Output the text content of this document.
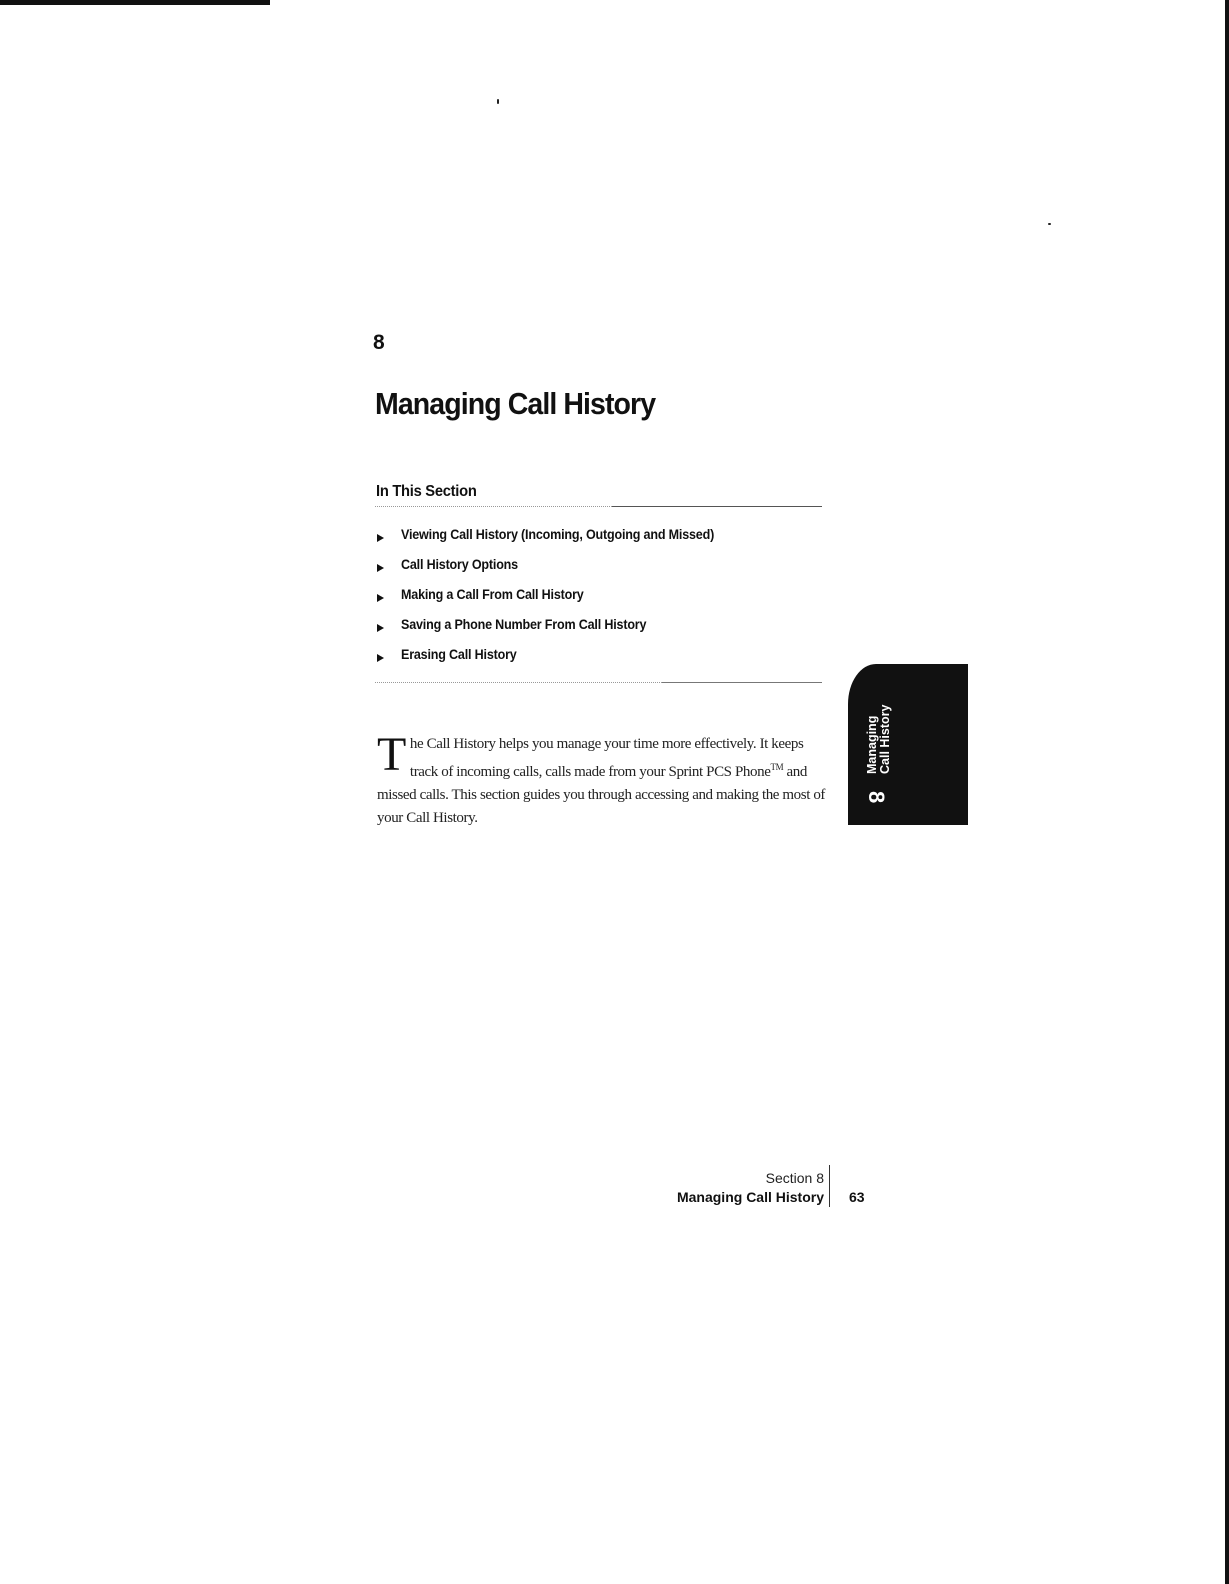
8
Managing Call History
In This Section
Viewing Call History (Incoming, Outgoing and Missed)
Call History Options
Making a Call From Call History
Saving a Phone Number From Call History
Erasing Call History

The Call History helps you manage your time more effectively. It keeps track of incoming calls, calls made from your Sprint PCS Phone™ and missed calls. This section guides you through accessing and making the most of your Call History.

Managing
Call History
8
Section 8
Managing Call History 63
